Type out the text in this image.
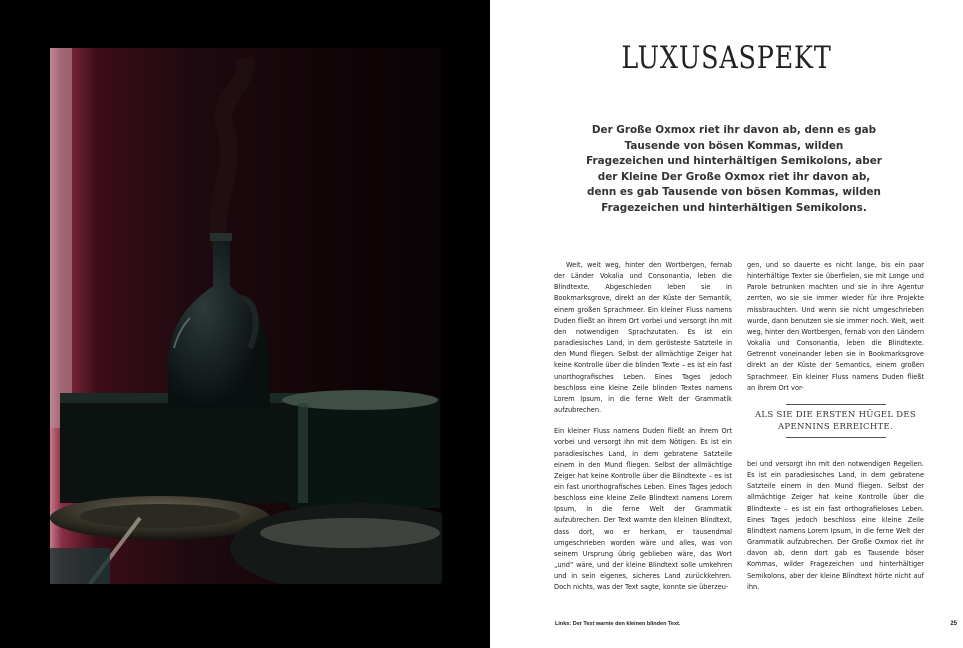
LUXUSASPEKT
Der Große Oxmox riet ihr davon ab, denn es gab Tausende von bösen Kommas, wilden Fragezeichen und hinterhältigen Semikolons, aber der Kleine Der Große Oxmox riet ihr davon ab, denn es gab Tausende von bösen Kommas, wilden Fragezeichen und hinterhältigen Semikolons.

Weit, weit weg, hinter den Wortbergen, fernab der Länder Vokalia und Consonantia, leben die Blindtexte. Abgeschieden leben sie in Bookmarksgrove, direkt an der Küste der Semantik, einem großen Sprachmeer. Ein kleiner Fluss namens Duden fließt an ihrem Ort vorbei und versorgt ihn mit den notwendigen Sprachzutaten. Es ist ein paradiesisches Land, in dem gerösteste Satzteile in den Mund fliegen. Selbst der allmächtige Zeiger hat keine Kontrolle über die blinden Texte – es ist ein fast unorthografisches Leben. Eines Tages jedoch beschloss eine kleine Zeile blinden Textes namens Lorem Ipsum, in die ferne Welt der Grammatik aufzubrechen.

Ein kleiner Fluss namens Duden fließt an ihrem Ort vorbei und versorgt ihn mit dem Nötigen. Es ist ein paradiesisches Land, in dem gebratene Satzteile einem in den Mund fliegen. Selbst der allmächtige Zeiger hat keine Kontrolle über die Blindtexte – es ist ein fast unorthografisches Leben. Eines Tages jedoch beschloss eine kleine Zeile Blindtext namens Lorem Ipsum, in die ferne Welt der Grammatik aufzubrechen. Der Text warnte den kleinen Blindtext, dass dort, wo er herkam, er tausendmal umgeschrieben worden wäre und alles, was von seinem Ursprung übrig geblieben wäre, das Wort „und“ wäre, und der kleine Blindtext solle umkehren und in sein eigenes, sicheres Land zurückkehren. Doch nichts, was der Text sagte, konnte sie überzeu-

gen, und so dauerte es nicht lange, bis ein paar hinterhältige Texter sie überfielen, sie mit Longe und Parole betrunken machten und sie in ihre Agentur zerrten, wo sie sie immer wieder für ihre Projekte missbrauchten. Und wenn sie nicht umgeschrieben wurde, dann benutzen sie sie immer noch. Weit, weit weg, hinter den Wortbergen, fernab von den Ländern Vokalia und Consonantia, leben die Blindtexte. Getrennt voneinander leben sie in Bookmarksgrove direkt an der Küste der Semantics, einem großen Sprachmeer. Ein kleiner Fluss namens Duden fließt an ihrem Ort vor-

ALS SIE DIE ERSTEN HÜGEL DES APENNINS ERREICHTE.

bei und versorgt ihn mit den notwendigen Regelien. Es ist ein paradiesisches Land, in dem gebratene Satzteile einem in den Mund fliegen. Selbst der allmächtige Zeiger hat keine Kontrolle über die Blindtexte – es ist ein fast orthografieloses Leben. Eines Tages jedoch beschloss eine kleine Zeile Blindtext namens Lorem Ipsum, in die ferne Welt der Grammatik aufzubrechen. Der Große Oxmox riet ihr davon ab, denn dort gab es Tausende böser Kommas, wilder Fragezeichen und hinterhältiger Semikolons, aber der kleine Blindtext hörte nicht auf ihn.

Links: Der Text warnte den kleinen blinden Text.	25
